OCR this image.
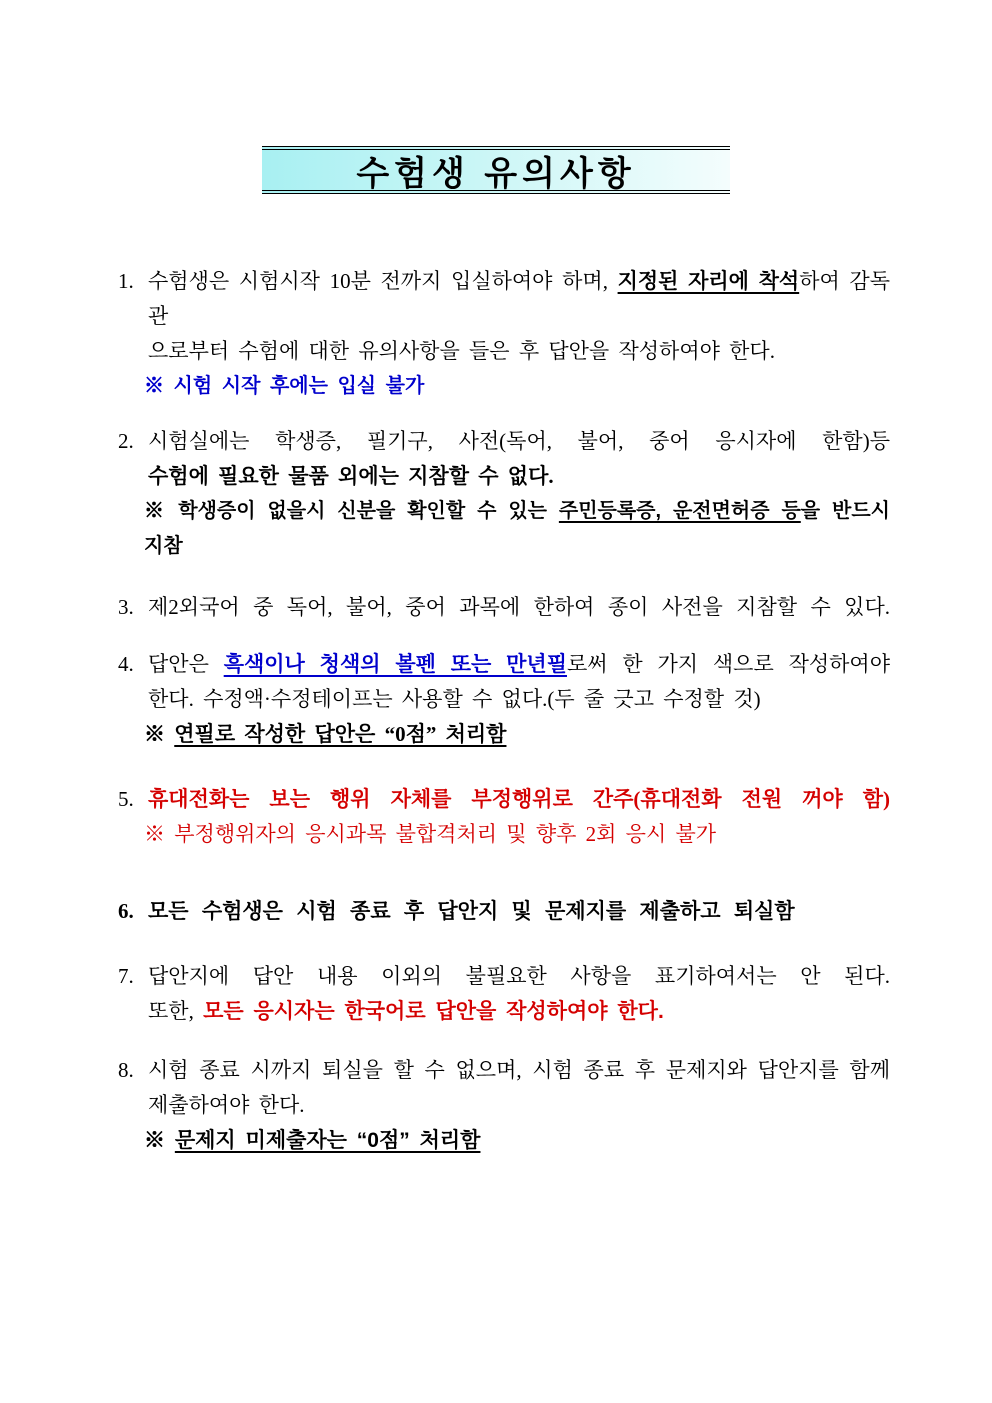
수험생 유의사항
1. 수험생은 시험시작 10분 전까지 입실하여야 하며, 지정된 자리에 착석하여 감독관
으로부터 수험에 대한 유의사항을 들은 후 답안을 작성하여야 한다.
※ 시험 시작 후에는 입실 불가
2. 시험실에는 학생증, 필기구, 사전(독어, 불어, 중어 응시자에 한함)등
수험에 필요한 물품 외에는 지참할 수 없다.
※ 학생증이 없을시 신분을 확인할 수 있는 주민등록증, 운전면허증 등을 반드시 지참
3. 제2외국어 중 독어, 불어, 중어 과목에 한하여 종이 사전을 지참할 수 있다.
4. 답안은 흑색이나 청색의 볼펜 또는 만년필로써 한 가지 색으로 작성하여야
한다. 수정액·수정테이프는 사용할 수 없다.(두 줄 긋고 수정할 것)
※ 연필로 작성한 답안은 “0점” 처리함
5. 휴대전화는 보는 행위 자체를 부정행위로 간주(휴대전화 전원 꺼야 함)
※ 부정행위자의 응시과목 불합격처리 및 향후 2회 응시 불가
6. 모든 수험생은 시험 종료 후 답안지 및 문제지를 제출하고 퇴실함
7. 답안지에 답안 내용 이외의 불필요한 사항을 표기하여서는 안 된다.
또한, 모든 응시자는 한국어로 답안을 작성하여야 한다.
8. 시험 종료 시까지 퇴실을 할 수 없으며, 시험 종료 후 문제지와 답안지를 함께
제출하여야 한다.
※ 문제지 미제출자는 “0점” 처리함
